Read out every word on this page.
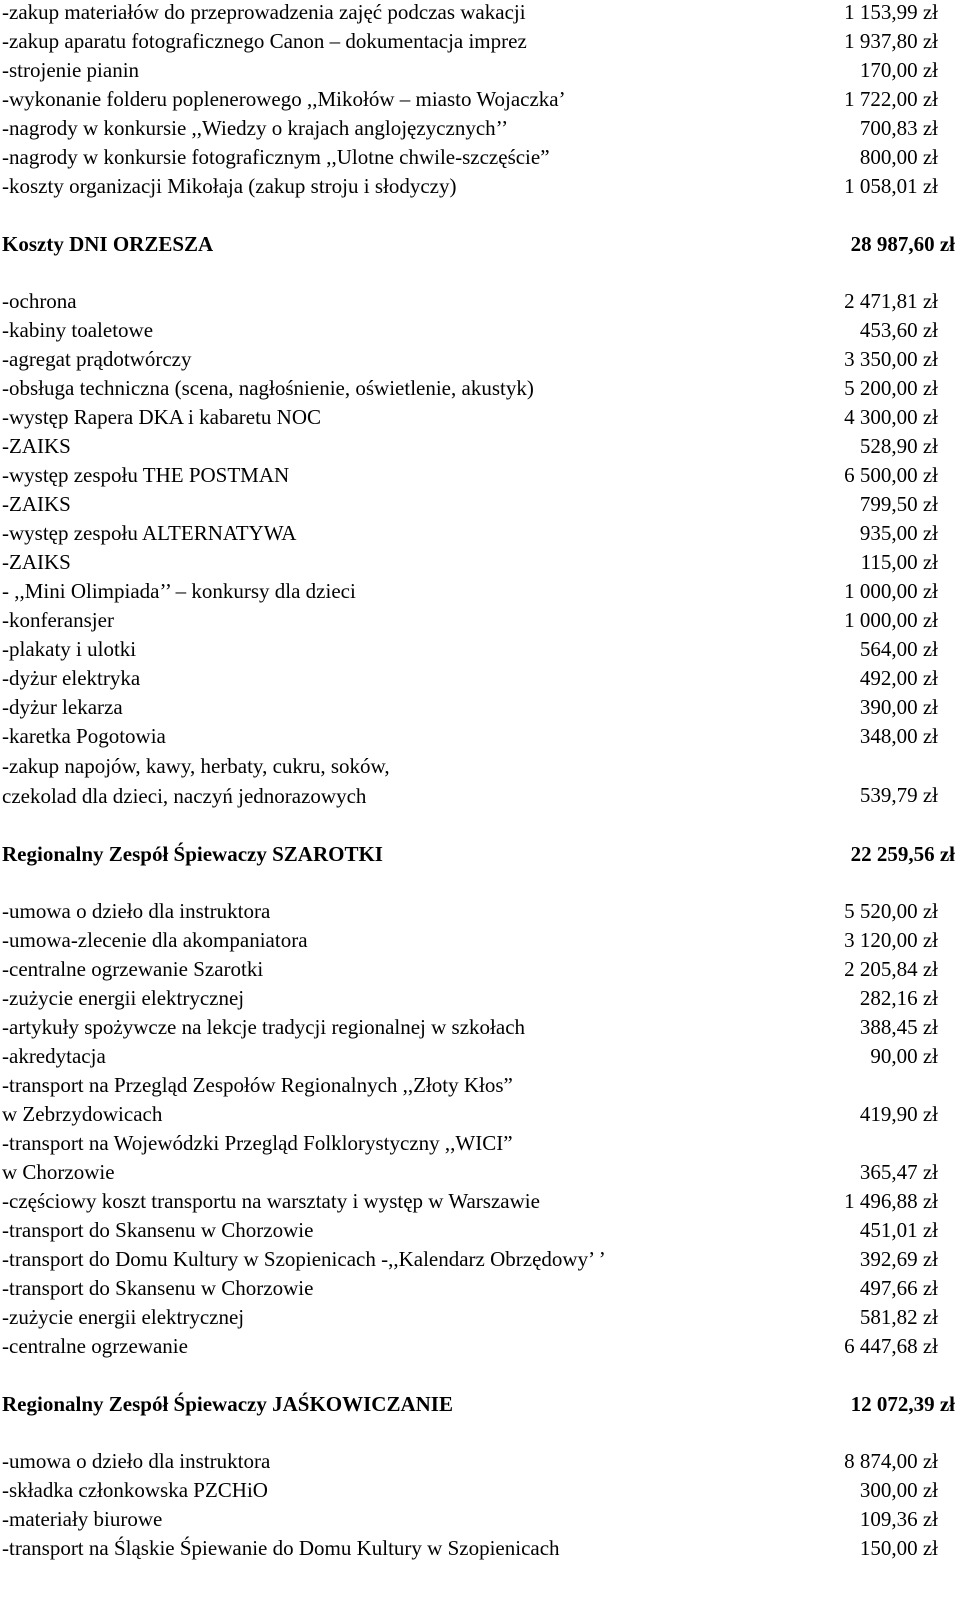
-zakup materiałów do przeprowadzenia zajęć podczas wakacji	1 153,99 zł
-zakup aparatu fotograficznego Canon – dokumentacja imprez	1 937,80 zł
-strojenie pianin	170,00 zł
-wykonanie folderu poplenerowego ,,Mikołów – miasto Wojaczka’	1 722,00 zł
-nagrody w konkursie ,,Wiedzy o krajach anglojęzycznych’’	700,83 zł
-nagrody w konkursie fotograficznym ,,Ulotne chwile-szczęście”	800,00 zł
-koszty organizacji Mikołaja (zakup stroju i słodyczy)	1 058,01 zł
Koszty DNI ORZESZA	28 987,60 zł
-ochrona	2 471,81 zł
-kabiny toaletowe	453,60 zł
-agregat prądotwórczy	3 350,00 zł
-obsługa techniczna (scena, nagłośnienie, oświetlenie, akustyk)	5 200,00 zł
-występ Rapera DKA i kabaretu NOC	4 300,00 zł
-ZAIKS	528,90 zł
-występ zespołu THE POSTMAN	6 500,00 zł
-ZAIKS	799,50 zł
-występ zespołu ALTERNATYWA	935,00 zł
-ZAIKS	115,00 zł
- ,,Mini Olimpiada’’ – konkursy dla dzieci	1 000,00 zł
-konferansjer	1 000,00 zł
-plakaty i ulotki	564,00 zł
-dyżur elektryka	492,00 zł
-dyżur lekarza	390,00 zł
-karetka Pogotowia	348,00 zł
-zakup napojów, kawy, herbaty, cukru, soków,
czekolad dla dzieci, naczyń jednorazowych	539,79 zł
Regionalny Zespół Śpiewaczy SZAROTKI	22 259,56 zł
-umowa o dzieło dla instruktora	5 520,00 zł
-umowa-zlecenie dla akompaniatora	3 120,00 zł
-centralne ogrzewanie Szarotki	2 205,84 zł
-zużycie energii elektrycznej	282,16 zł
-artykuły spożywcze na lekcje tradycji regionalnej w szkołach	388,45 zł
-akredytacja	90,00 zł
-transport na Przegląd Zespołów Regionalnych ,,Złoty Kłos”
w Zebrzydowicach	419,90 zł
-transport na Wojewódzki Przegląd Folklorystyczny ,,WICI”
w Chorzowie	365,47 zł
-częściowy koszt transportu na warsztaty i występ w Warszawie	1 496,88 zł
-transport do Skansenu w Chorzowie	451,01 zł
-transport do Domu Kultury w Szopienicach -,,Kalendarz Obrzędowy’ ’	392,69 zł
-transport do Skansenu w Chorzowie	497,66 zł
-zużycie energii elektrycznej	581,82 zł
-centralne ogrzewanie	6 447,68 zł
Regionalny Zespół Śpiewaczy JAŚKOWICZANIE	12 072,39 zł
-umowa o dzieło dla instruktora	8 874,00 zł
-składka członkowska PZCHiO	300,00 zł
-materiały biurowe	109,36 zł
-transport na Śląskie Śpiewanie do Domu Kultury w Szopienicach	150,00 zł
